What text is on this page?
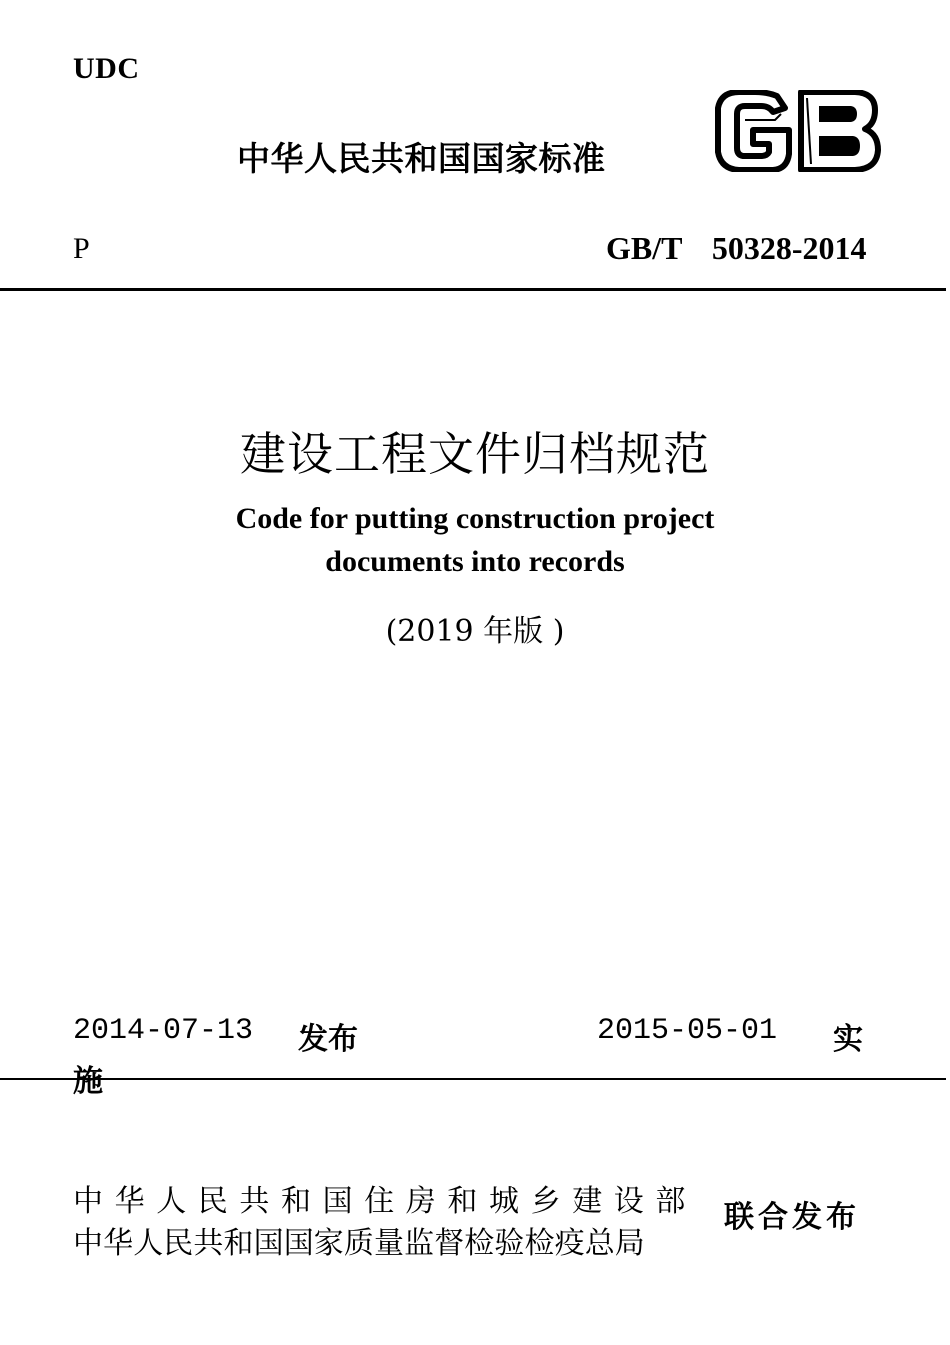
UDC
中华人民共和国国家标准
P	GB/T 50328-2014
建设工程文件归档规范
Code for putting construction project
documents into records
(2019 年版 )
2014-07-13 发布	2015-05-01 实
施
中华人民共和国住房和城乡建设部
中华人民共和国国家质量监督检验检疫总局
联合发布
